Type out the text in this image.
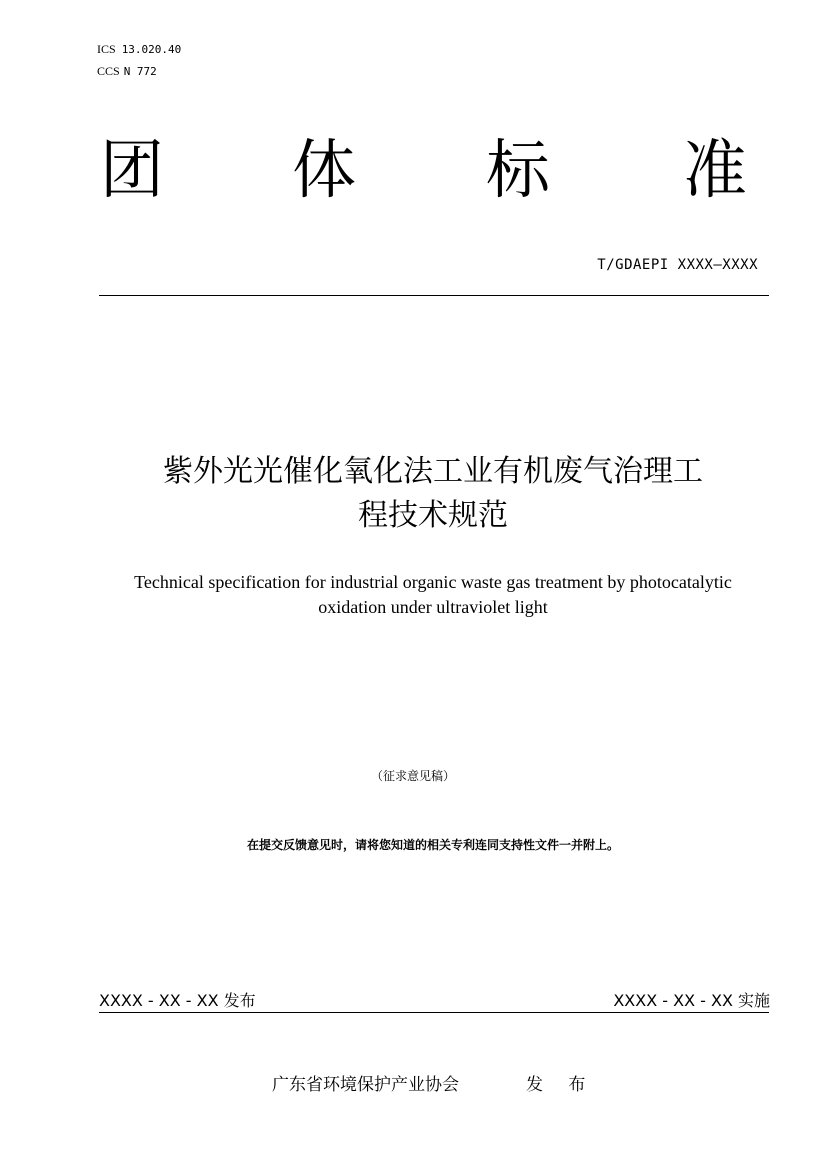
ICS 13.020.40
CCS N 772
团 体 标 准
T/GDAEPI XXXX—XXXX
紫外光光催化氧化法工业有机废气治理工
程技术规范
Technical specification for industrial organic waste gas treatment by photocatalytic
oxidation under ultraviolet light
（征求意见稿）
在提交反馈意见时，请将您知道的相关专利连同支持性文件一并附上。
XXXX - XX - XX 发布	XXXX - XX - XX 实施
广东省环境保护产业协会	发 布
